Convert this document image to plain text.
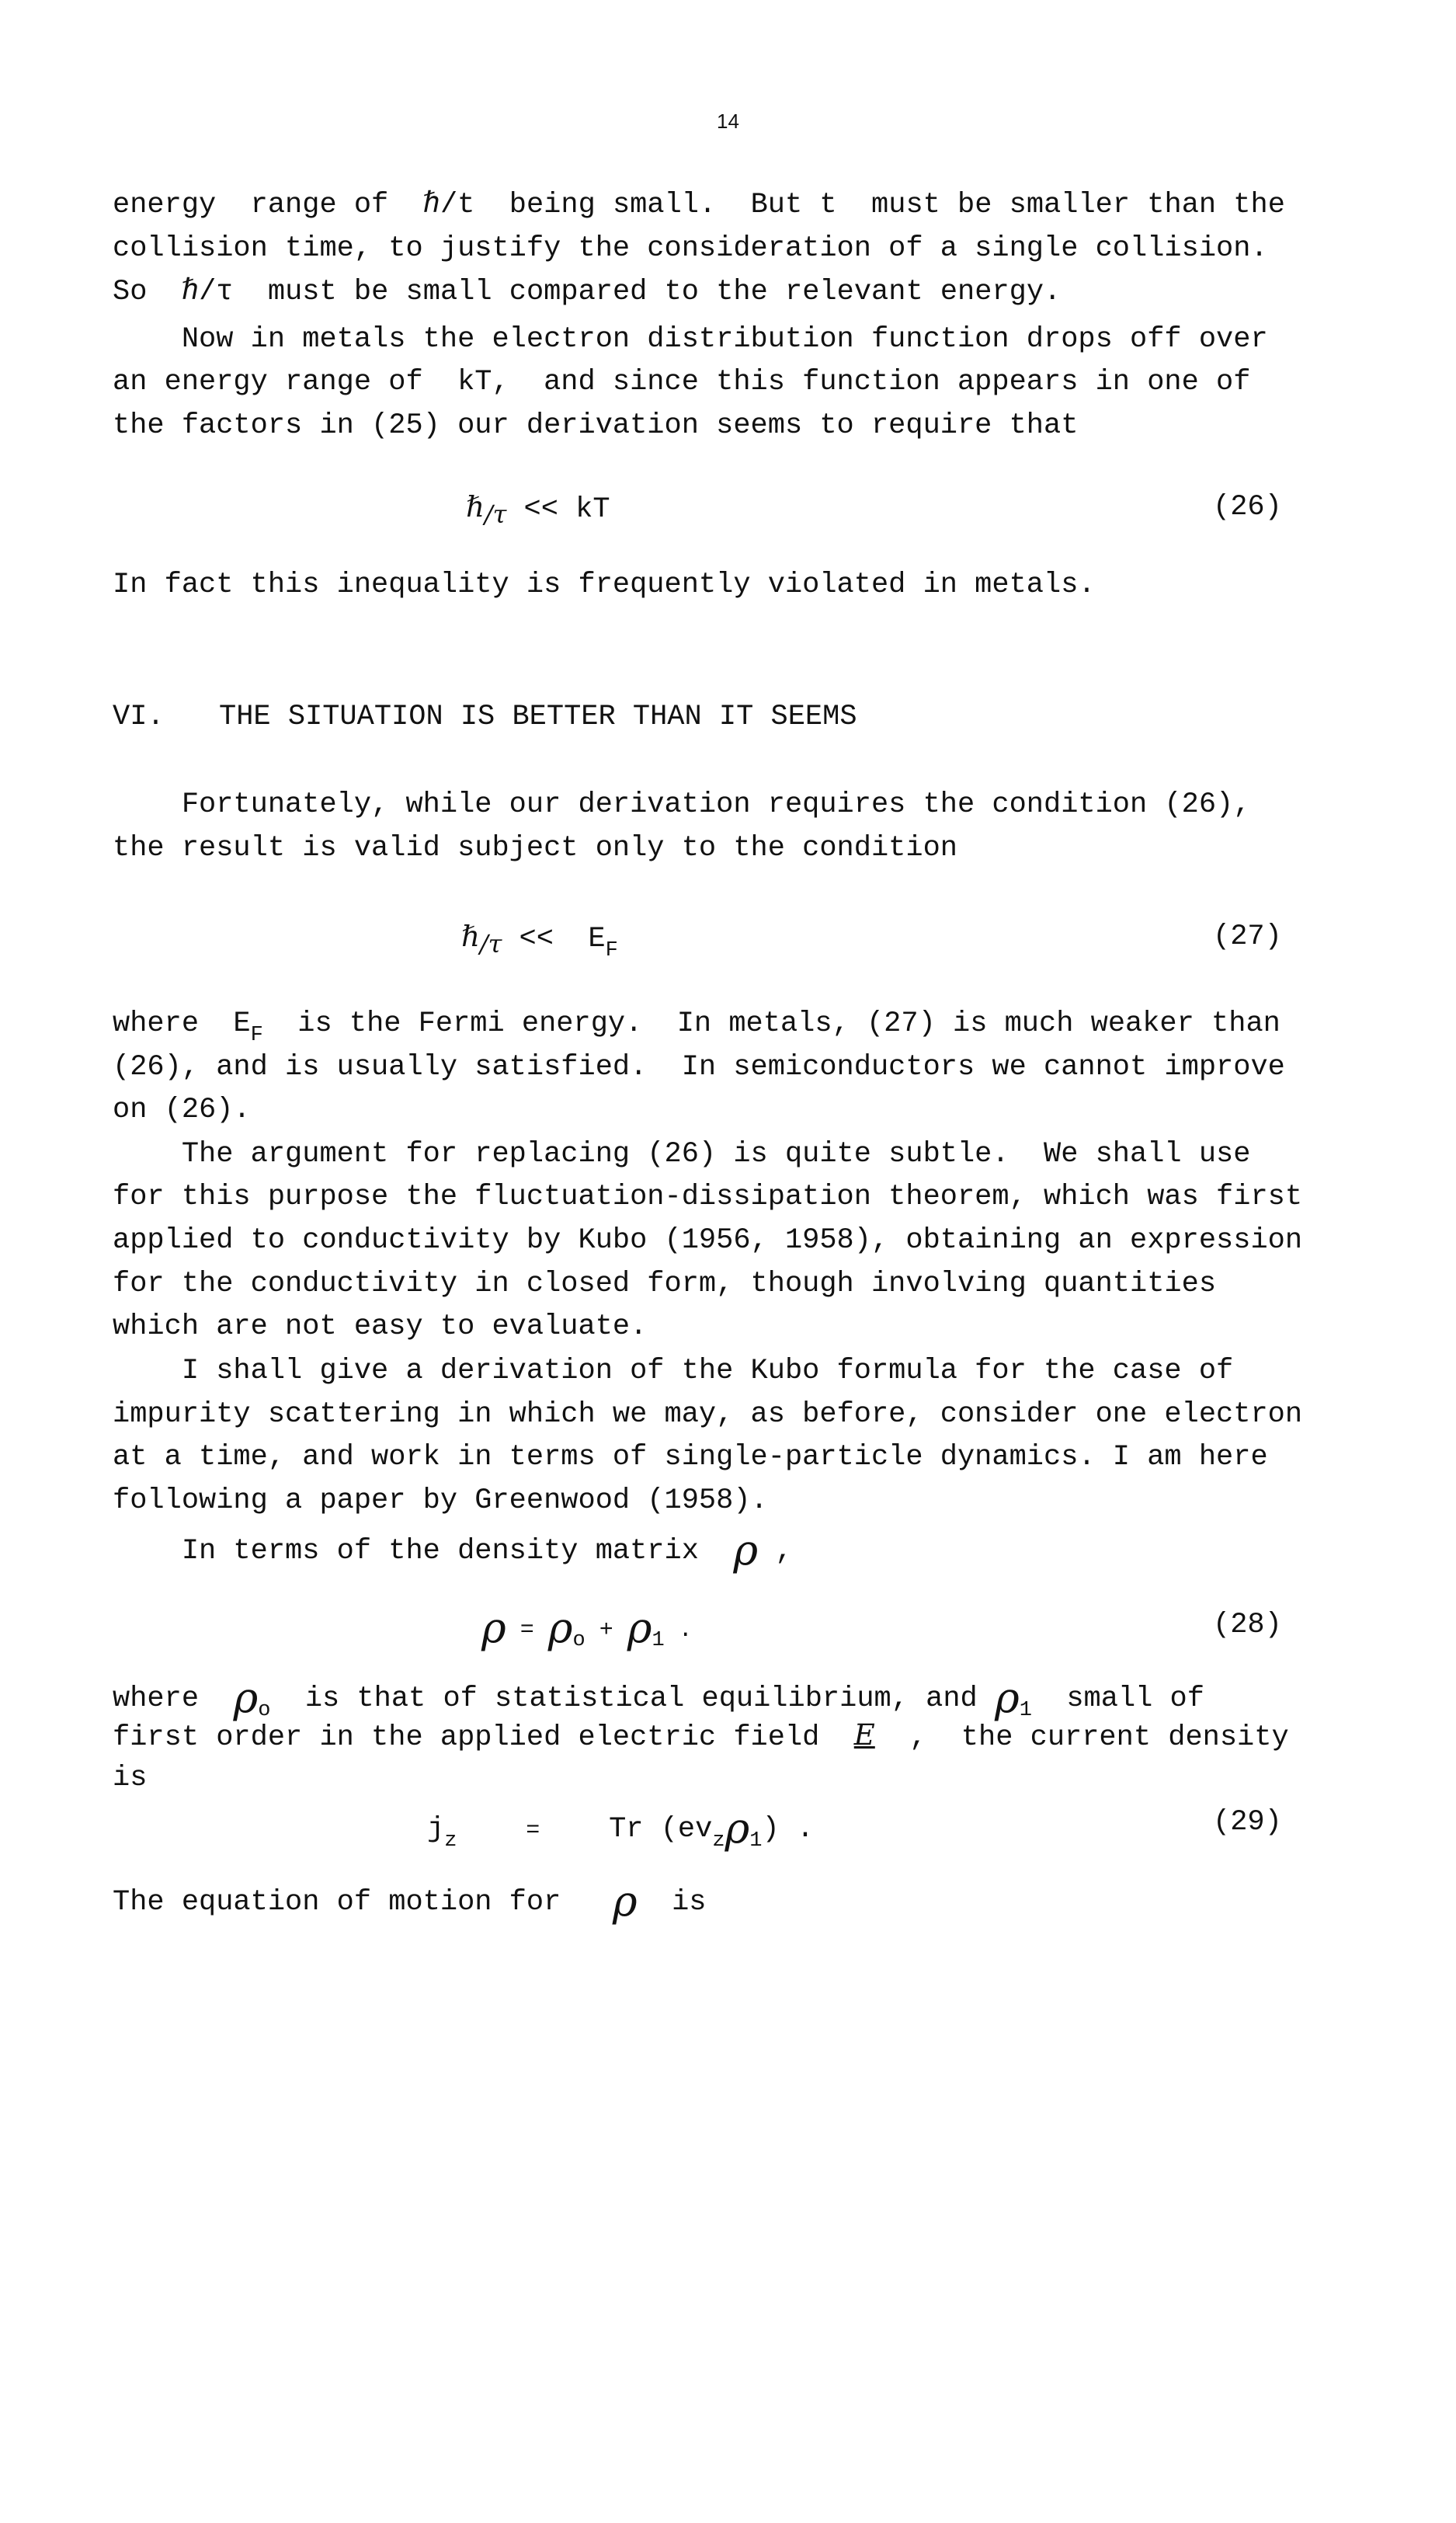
14

energy  range of  ℏ/t  being small.  But t  must be smaller than the

collision time, to justify the consideration of a single collision.

So  ℏ/τ  must be small compared to the relevant energy.

Now in metals the electron distribution function drops off over

an energy range of  kT,  and since this function appears in one of

the factors in (25) our derivation seems to require that

ℏ/τ << kT

	(26)

In fact this inequality is frequently violated in metals.

VI.

THE SITUATION IS BETTER THAN IT SEEMS

Fortunately, while our derivation requires the condition (26),

the result is valid subject only to the condition

ℏ/τ <<  $E_F$

	(27)

where  $E_F$  is the Fermi energy.  In metals, (27) is much weaker than

(26), and is usually satisfied.  In semiconductors we cannot improve

on (26).

The argument for replacing (26) is quite subtle.  We shall use

for this purpose the fluctuation-dissipation theorem, which was first

applied to conductivity by Kubo (1956, 1958), obtaining an expression

for the conductivity in closed form, though involving quantities

which are not easy to evaluate.

I shall give a derivation of the Kubo formula for the case of

impurity scattering in which we may, as before, consider one electron

at a time, and work in terms of single-particle dynamics. I am here

following a paper by Greenwood (1958).

In terms of the density matrix ρ ,

$\rho = \rho_o + \rho_1$ .

	(28)

where  $\rho_o$  is that of statistical equilibrium, and $\rho_1$  small of

first order in the applied electric field  E  ,  the current density

is

$j_z$	= Tr $(ev_z\rho_1)$ .

	(29)

The equation of motion for   ρ  is
